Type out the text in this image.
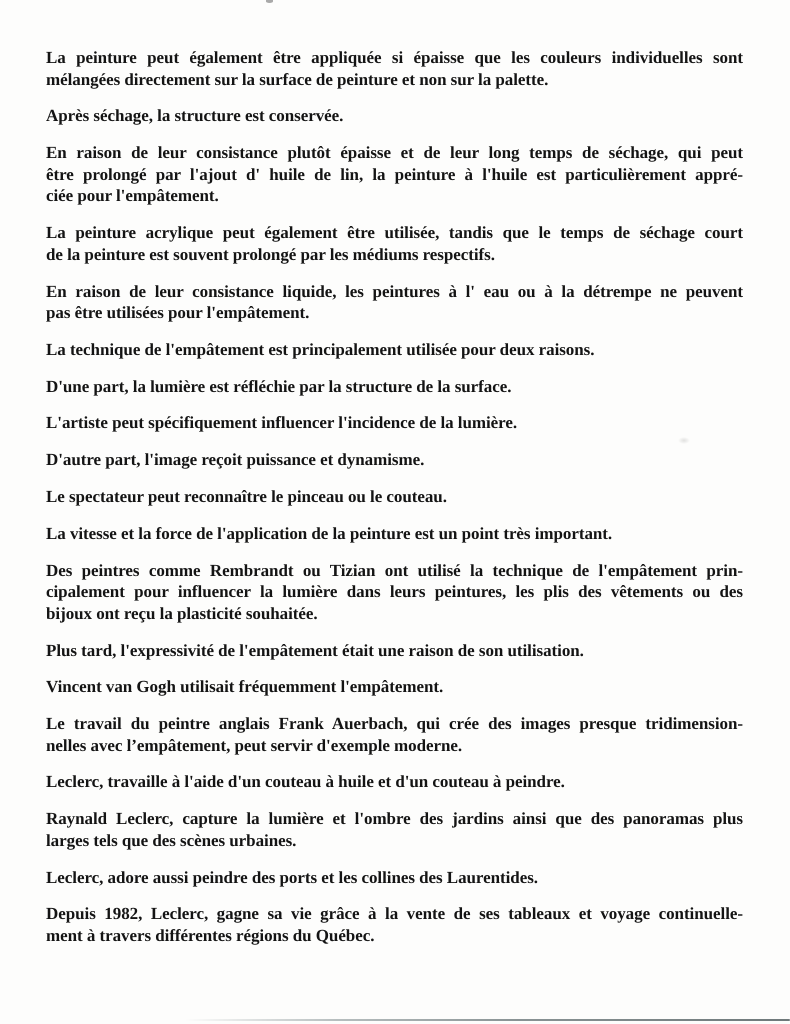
La peinture peut également être appliquée si épaisse que les couleurs individuelles sont
mélangées directement sur la surface de peinture et non sur la palette.

Après séchage, la structure est conservée.

En raison de leur consistance plutôt épaisse et de leur long temps de séchage, qui peut
être prolongé par l'ajout d' huile de lin, la peinture à l'huile est particulièrement appré-
ciée pour l'empâtement.

La peinture acrylique peut également être utilisée, tandis que le temps de séchage court
de la peinture est souvent prolongé par les médiums respectifs.

En raison de leur consistance liquide, les peintures à l' eau ou à la détrempe ne peuvent
pas être utilisées pour l'empâtement.

La technique de l'empâtement est principalement utilisée pour deux raisons.

D'une part, la lumière est réfléchie par la structure de la surface.

L'artiste peut spécifiquement influencer l'incidence de la lumière.

D'autre part, l'image reçoit puissance et dynamisme.

Le spectateur peut reconnaître le pinceau ou le couteau.

La vitesse et la force de l'application de la peinture est un point très important.

Des peintres comme Rembrandt ou Tizian ont utilisé la technique de l'empâtement prin-
cipalement pour influencer la lumière dans leurs peintures, les plis des vêtements ou des
bijoux ont reçu la plasticité souhaitée.

Plus tard, l'expressivité de l'empâtement était une raison de son utilisation.

Vincent van Gogh utilisait fréquemment l'empâtement.

Le travail du peintre anglais Frank Auerbach, qui crée des images presque tridimension-
nelles avec l’empâtement, peut servir d'exemple moderne.

Leclerc, travaille à l'aide d'un couteau à huile et d'un couteau à peindre.

Raynald Leclerc, capture la lumière et l'ombre des jardins ainsi que des panoramas plus
larges tels que des scènes urbaines.

Leclerc, adore aussi peindre des ports et les collines des Laurentides.

Depuis 1982, Leclerc, gagne sa vie grâce à la vente de ses tableaux et voyage continuelle-
ment à travers différentes régions du Québec.
